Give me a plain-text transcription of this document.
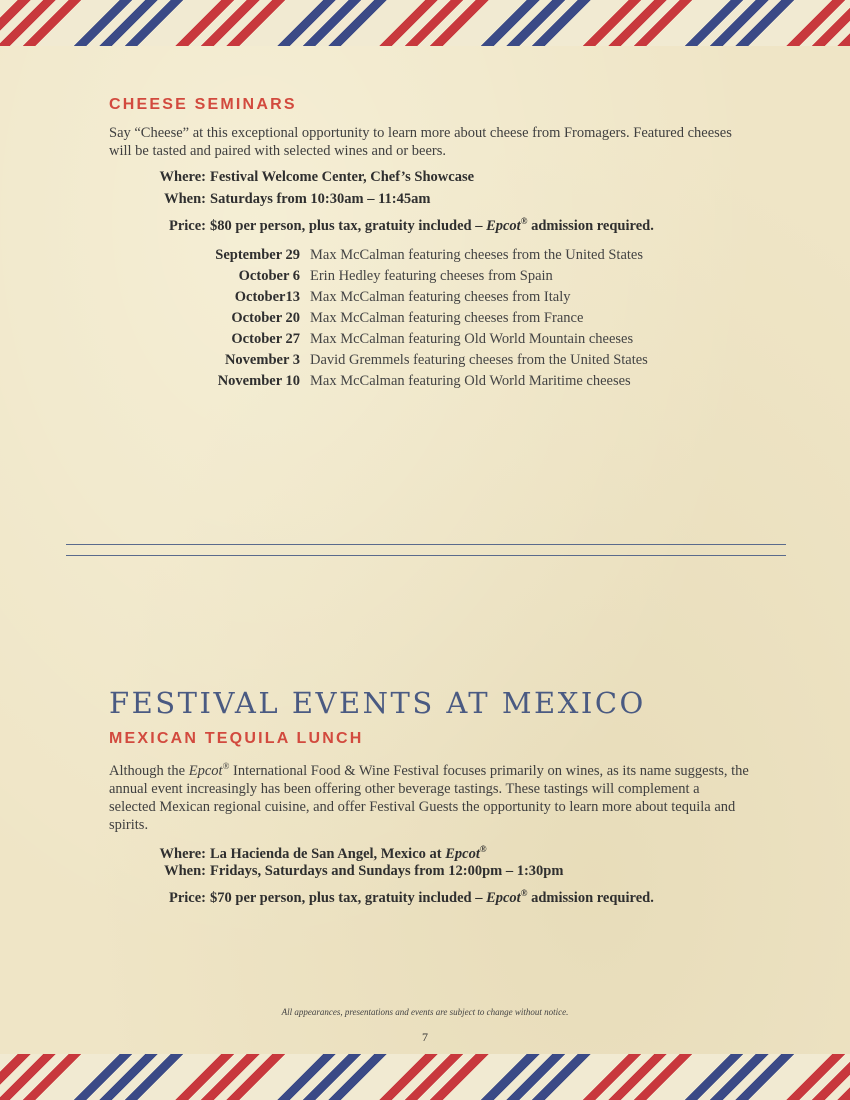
CHEESE SEMINARS
Say “Cheese” at this exceptional opportunity to learn more about cheese from Fromagers. Featured cheeses will be tasted and paired with selected wines and or beers.
Where: Festival Welcome Center, Chef’s Showcase
When: Saturdays from 10:30am – 11:45am
Price: $80 per person, plus tax, gratuity included – Epcot® admission required.
September 29 Max McCalman featuring cheeses from the United States
October 6 Erin Hedley featuring cheeses from Spain
October13 Max McCalman featuring cheeses from Italy
October 20 Max McCalman featuring cheeses from France
October 27 Max McCalman featuring Old World Mountain cheeses
November 3 David Gremmels featuring cheeses from the United States
November 10 Max McCalman featuring Old World Maritime cheeses
FESTIVAL EVENTS AT MEXICO
MEXICAN TEQUILA LUNCH
Although the Epcot® International Food & Wine Festival focuses primarily on wines, as its name suggests, the annual event increasingly has been offering other beverage tastings. These tastings will complement a selected Mexican regional cuisine, and offer Festival Guests the opportunity to learn more about tequila and spirits.
Where: La Hacienda de San Angel, Mexico at Epcot®
When: Fridays, Saturdays and Sundays from 12:00pm – 1:30pm
Price: $70 per person, plus tax, gratuity included – Epcot® admission required.
All appearances, presentations and events are subject to change without notice.
7
